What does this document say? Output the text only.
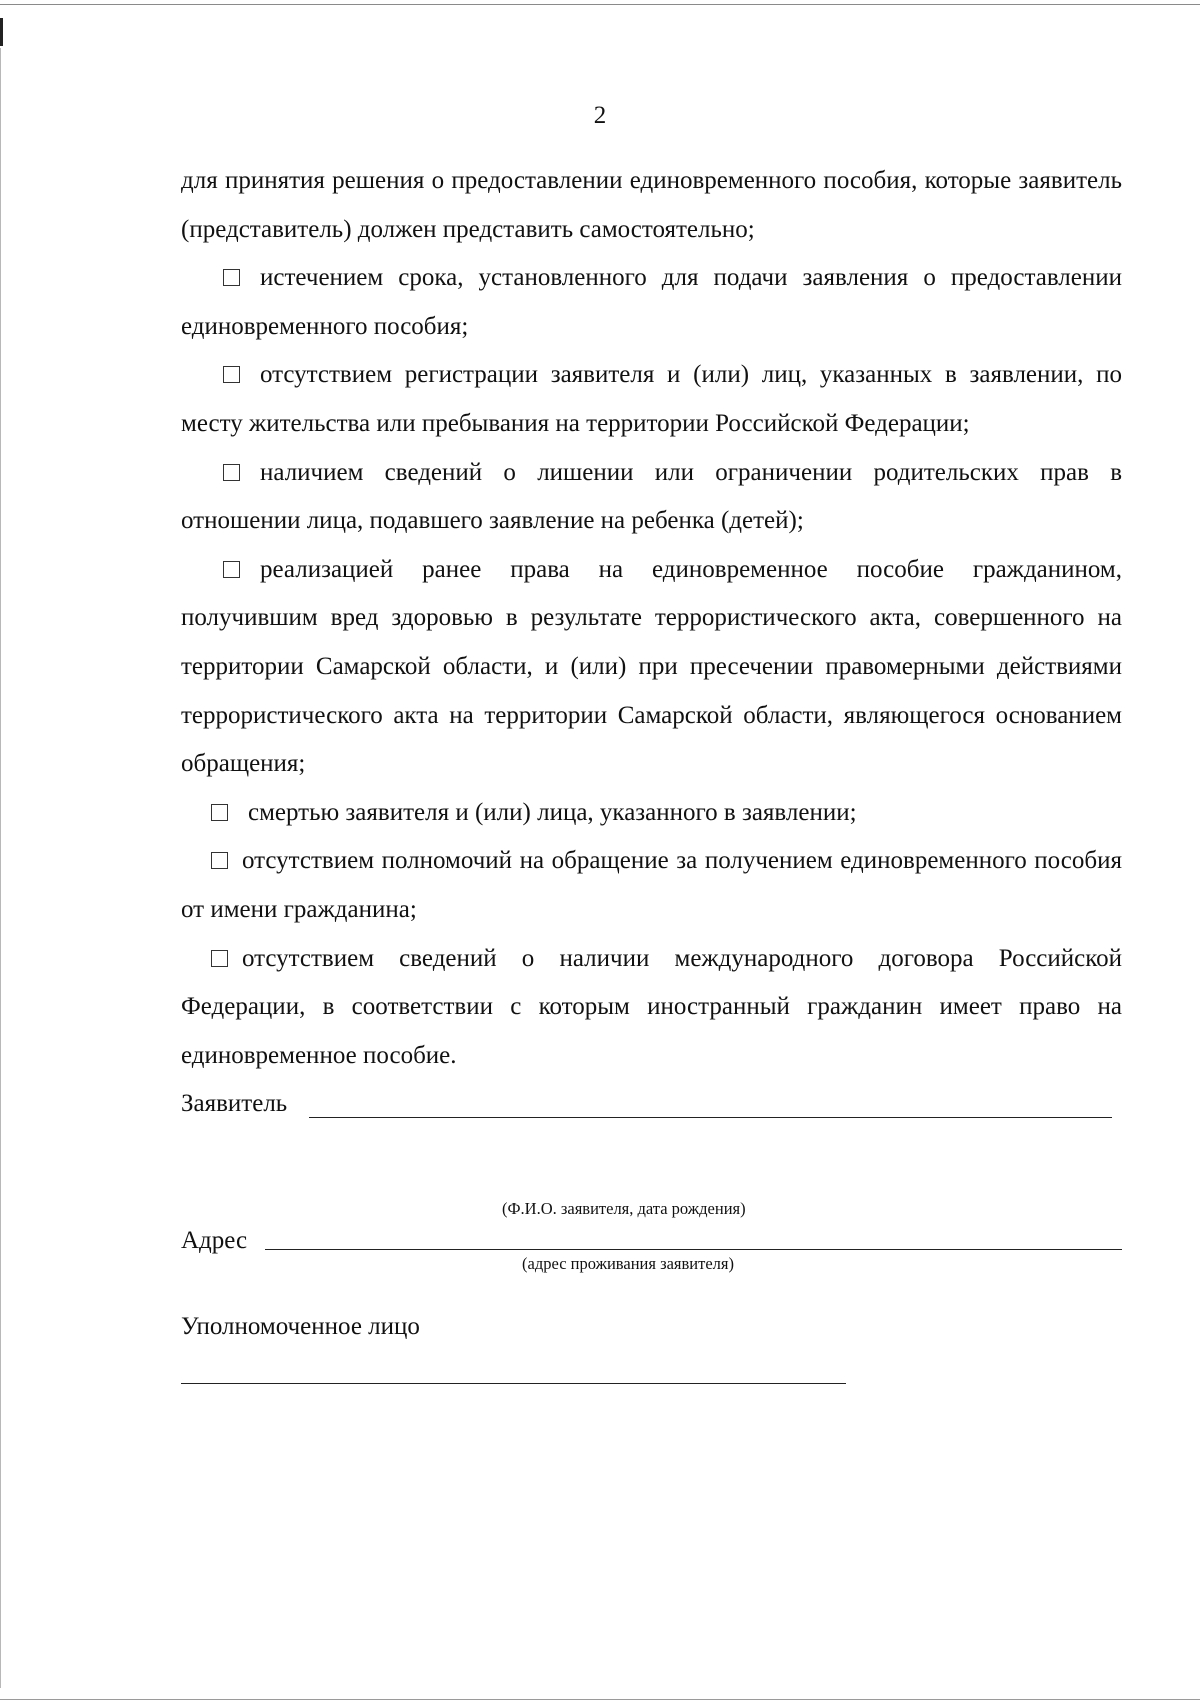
2

для принятия решения о предоставлении единовременного пособия, которые заявитель (представитель) должен представить самостоятельно;

истечением срока, установленного для подачи заявления о предоставлении единовременного пособия;

отсутствием регистрации заявителя и (или) лиц, указанных в заявлении, по месту жительства или пребывания на территории Российской Федерации;

наличием сведений о лишении или ограничении родительских прав в отношении лица, подавшего заявление на ребенка (детей);

реализацией ранее права на единовременное пособие гражданином, получившим вред здоровью в результате террористического акта, совершенного на территории Самарской области, и (или) при пресечении правомерными действиями террористического акта на территории Самарской области, являющегося основанием обращения;

смертью заявителя и (или) лица, указанного в заявлении;

отсутствием полномочий на обращение за получением единовременного пособия от имени гражданина;

отсутствием сведений о наличии международного договора Российской Федерации, в соответствии с которым иностранный гражданин имеет право на единовременное пособие.

Заявитель
(Ф.И.О. заявителя, дата рождения)
Адрес
(адрес проживания заявителя)
Уполномоченное лицо
